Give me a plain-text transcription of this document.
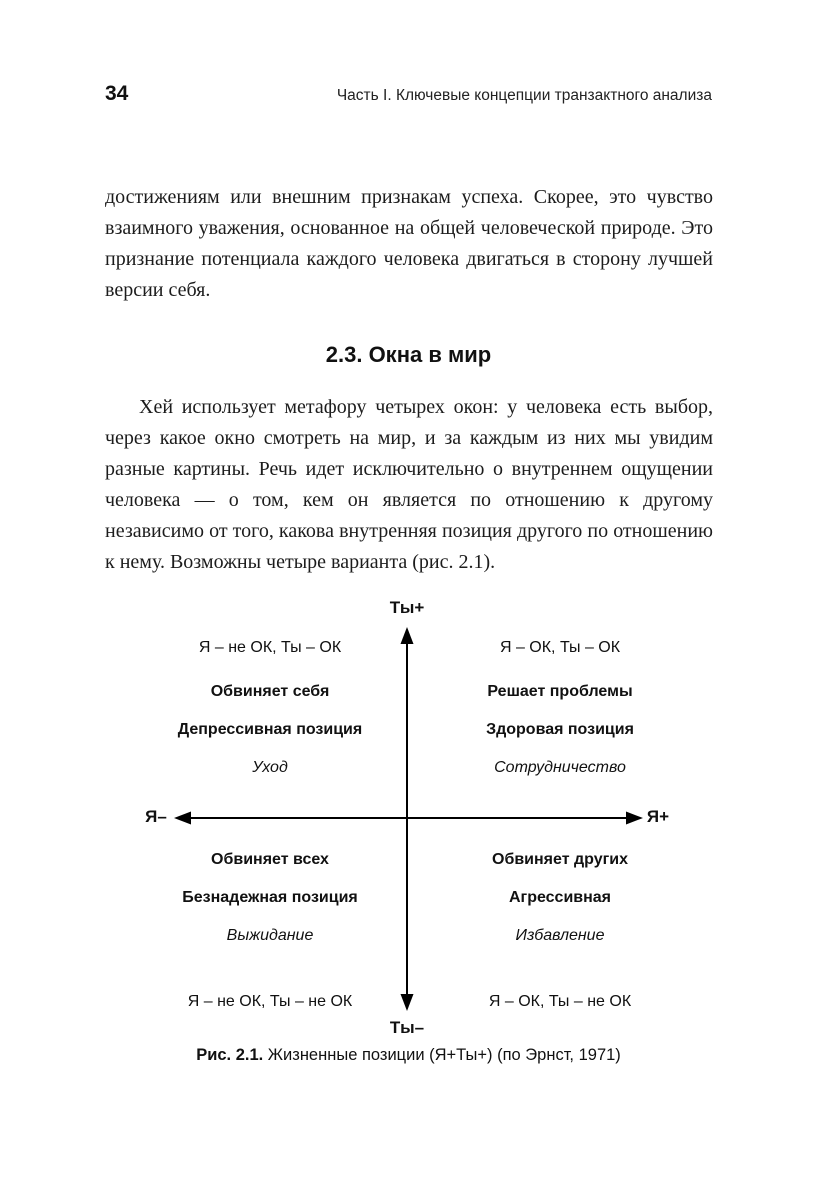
34	Часть I. Ключевые концепции транзактного анализа

достижениям или внешним признакам успеха. Скорее, это чувство взаимного уважения, основанное на общей человеческой природе. Это признание потенциала каждого человека двигаться в сторону лучшей версии себя.

2.3. Окна в мир

Хей использует метафору четырех окон: у человека есть выбор, через какое окно смотреть на мир, и за каждым из них мы увидим разные картины. Речь идет исключительно о внутреннем ощущении человека — о том, кем он является по отношению к другому независимо от того, какова внутренняя позиция другого по отношению к нему. Возможны четыре варианта (рис. 2.1).

Ты+
Ты–
Я–	Я+
Я – не ОК, Ты – ОК
Обвиняет себя
Депрессивная позиция
Уход
Я – ОК, Ты – ОК
Решает проблемы
Здоровая позиция
Сотрудничество
Обвиняет всех
Безнадежная позиция
Выжидание
Я – не ОК, Ты – не ОК
Обвиняет других
Агрессивная
Избавление
Я – ОК, Ты – не ОК
Рис. 2.1. Жизненные позиции (Я+Ты+) (по Эрнст, 1971)
